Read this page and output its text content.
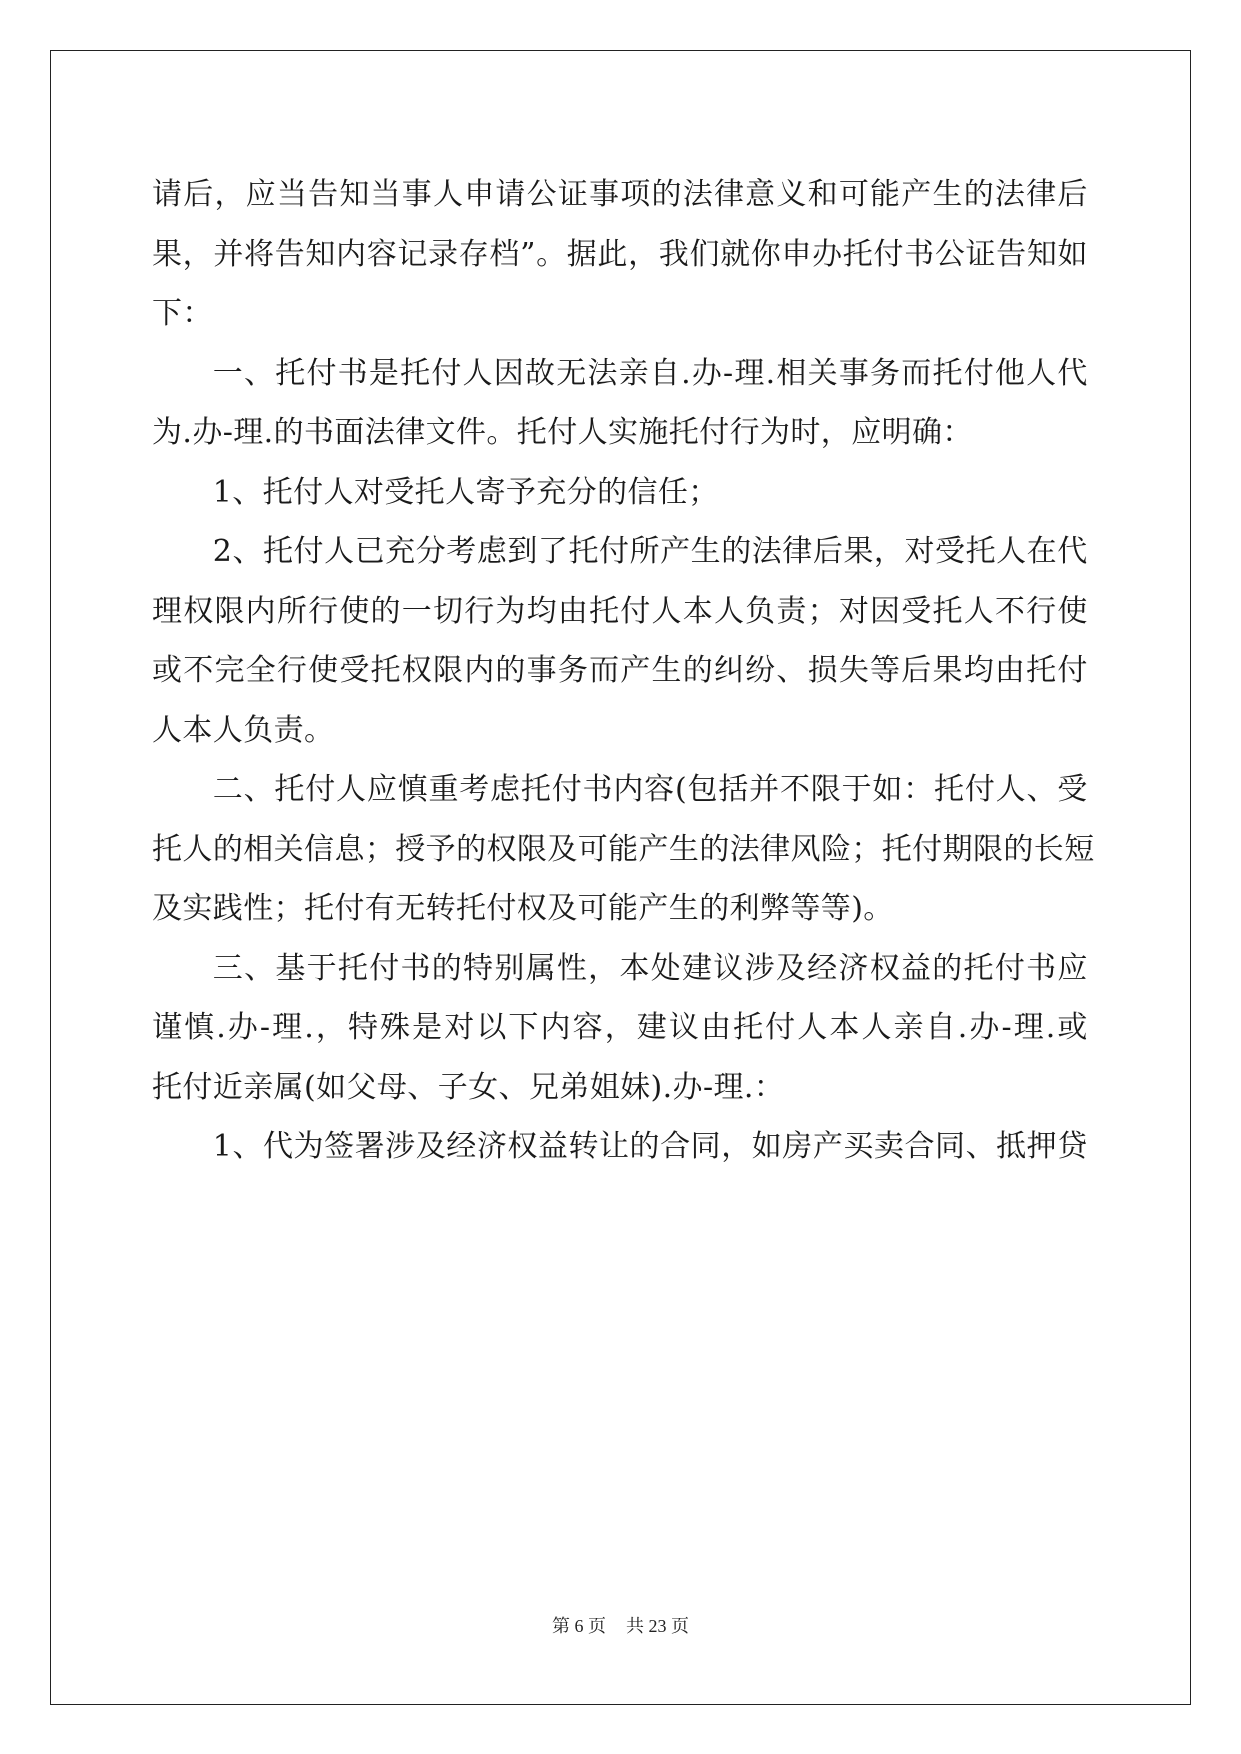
请 后 ， 应 当 告 知 当 事 人 申 请 公 证 事 项 的 法 律 意 义 和 可 能 产 生 的 法 律 后
果 ， 并 将 告 知 内 容 记 录 存 档 ” 。 据 此 ， 我 们 就 你 申 办 托 付 书 公 证 告 知 如
下：
　　一 、 托 付 书 是 托 付 人 因 故 无 法 亲 自 . 办 - 理 . 相 关 事 务 而 托 付 他 人 代
为.办-理.的书面法律文件。托付人实施托付行为时，应明确：
　　1、托付人对受托人寄予充分的信任；
　　2 、 托 付 人 已 充 分 考 虑 到 了 托 付 所 产 生 的 法 律 后 果 ， 对 受 托 人 在 代
理 权 限 内 所 行 使 的 一 切 行 为 均 由 托 付 人 本 人 负 责 ； 对 因 受 托 人 不 行 使
或 不 完 全 行 使 受 托 权 限 内 的 事 务 而 产 生 的 纠 纷 、 损 失 等 后 果 均 由 托 付
人本人负责。
　　二 、 托 付 人 应 慎 重 考 虑 托 付 书 内 容 ( 包 括 并 不 限 于 如 ： 托 付 人 、 受
托 人 的 相 关 信 息 ； 授 予 的 权 限 及 可 能 产 生 的 法 律 风 险 ； 托 付 期 限 的 长 短
及实践性；托付有无转托付权及可能产生的利弊等等)。
　　三 、 基 于 托 付 书 的 特 别 属 性 ， 本 处 建 议 涉 及 经 济 权 益 的 托 付 书 应
谨 慎 . 办 - 理 . ， 特 殊 是 对 以 下 内 容 ， 建 议 由 托 付 人 本 人 亲 自 . 办 - 理 . 或
托付近亲属(如父母、子女、兄弟姐妹).办-理.：
　　1 、 代 为 签 署 涉 及 经 济 权 益 转 让 的 合 同 ， 如 房 产 买 卖 合 同 、 抵 押 贷
第 6 页 共 23 页
